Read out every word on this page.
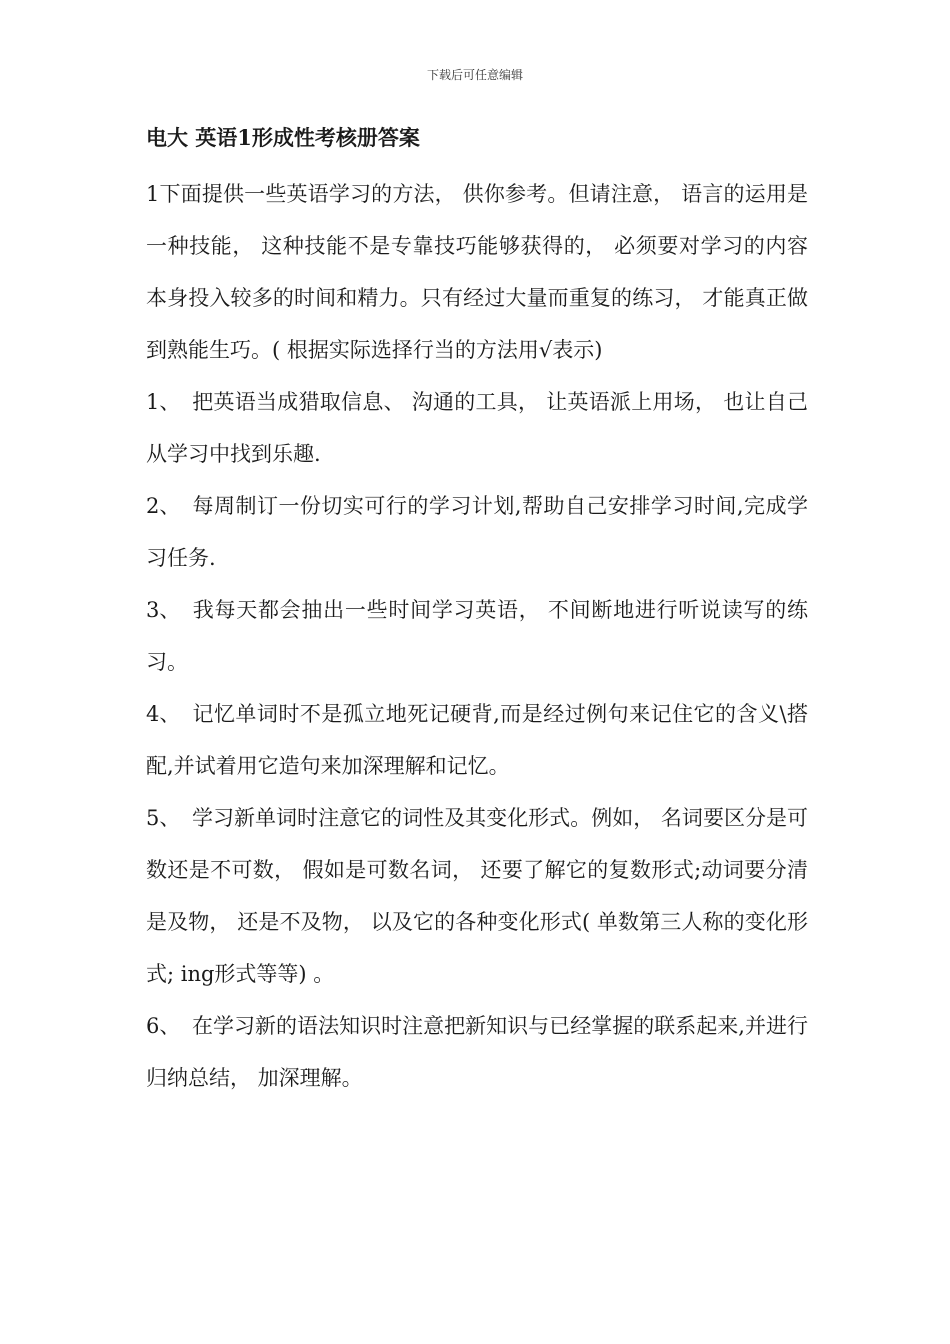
下载后可任意编辑
电大 英语1形成性考核册答案

1下面提供一些英语学习的方法， 供你参考。但请注意， 语言的运用是一种技能， 这种技能不是专靠技巧能够获得的， 必须要对学习的内容本身投入较多的时间和精力。只有经过大量而重复的练习， 才能真正做到熟能生巧。( 根据实际选择行当的方法用√表示)

1、 把英语当成猎取信息、 沟通的工具， 让英语派上用场， 也让自己从学习中找到乐趣.
2、 每周制订一份切实可行的学习计划,帮助自己安排学习时间,完成学习任务.
3、 我每天都会抽出一些时间学习英语， 不间断地进行听说读写的练习。
4、 记忆单词时不是孤立地死记硬背,而是经过例句来记住它的含义\搭配,并试着用它造句来加深理解和记忆。
5、 学习新单词时注意它的词性及其变化形式。例如， 名词要区分是可数还是不可数， 假如是可数名词， 还要了解它的复数形式;动词要分清是及物， 还是不及物， 以及它的各种变化形式( 单数第三人称的变化形式; ing形式等等) 。
6、 在学习新的语法知识时注意把新知识与已经掌握的联系起来,并进行归纳总结， 加深理解。
